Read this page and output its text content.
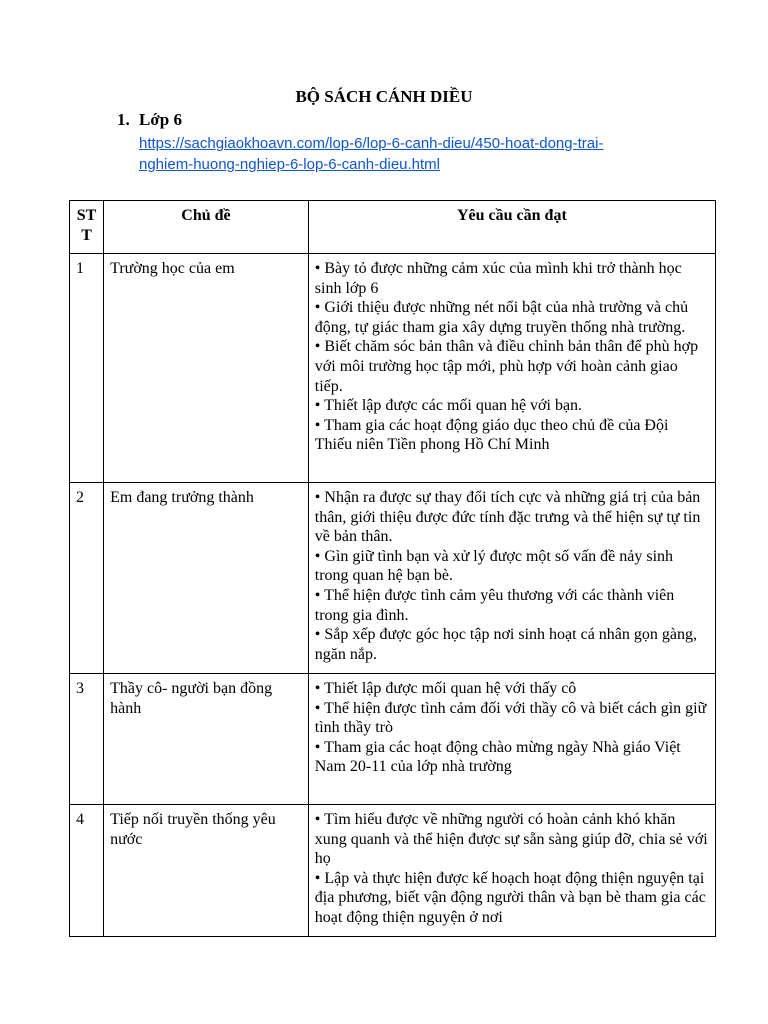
BỘ SÁCH CÁNH DIỀU
1. Lớp 6
https://sachgiaokhoavn.com/lop-6/lop-6-canh-dieu/450-hoat-dong-trai-
nghiem-huong-nghiep-6-lop-6-canh-dieu.html
ST
T	Chủ đề	Yêu cầu cần đạt
1	Trường học của em	• Bày tỏ được những cảm xúc của mình khi trở thành học sinh lớp 6
• Giới thiệu được những nét nổi bật của nhà trường và chủ động, tự giác tham gia xây dựng truyền thống nhà trường.
• Biết chăm sóc bản thân và điều chỉnh bản thân để phù hợp với môi trường học tập mới, phù hợp với hoàn cảnh giao tiếp.
• Thiết lập được các mối quan hệ với bạn.
• Tham gia các hoạt động giáo dục theo chủ đề của Đội Thiếu niên Tiền phong Hồ Chí Minh

2	Em đang trưởng thành	• Nhận ra được sự thay đổi tích cực và những giá trị của bản thân, giới thiệu được đức tính đặc trưng và thể hiện sự tự tin về bản thân.
• Gìn giữ tình bạn và xử lý được một số vấn đề nảy sinh trong quan hệ bạn bè.
• Thể hiện được tình cảm yêu thương với các thành viên trong gia đình.
• Sắp xếp được góc học tập nơi sinh hoạt cá nhân gọn gàng, ngăn nắp.

3	Thầy cô- người bạn đồng hành	• Thiết lập được mối quan hệ với thấy cô
• Thể hiện được tình cảm đối với thầy cô và biết cách gìn giữ tình thầy trò
• Tham gia các hoạt động chào mừng ngày Nhà giáo Việt Nam 20-11 của lớp nhà trường

4	Tiếp nối truyền thống yêu nước	• Tìm hiểu được về những người có hoàn cảnh khó khăn xung quanh và thể hiện được sự sẵn sàng giúp đỡ, chia sẻ với họ
• Lập và thực hiện được kế hoạch hoạt động thiện nguyện tại địa phương, biết vận động người thân và bạn bè tham gia các hoạt động thiện nguyện ở nơi
